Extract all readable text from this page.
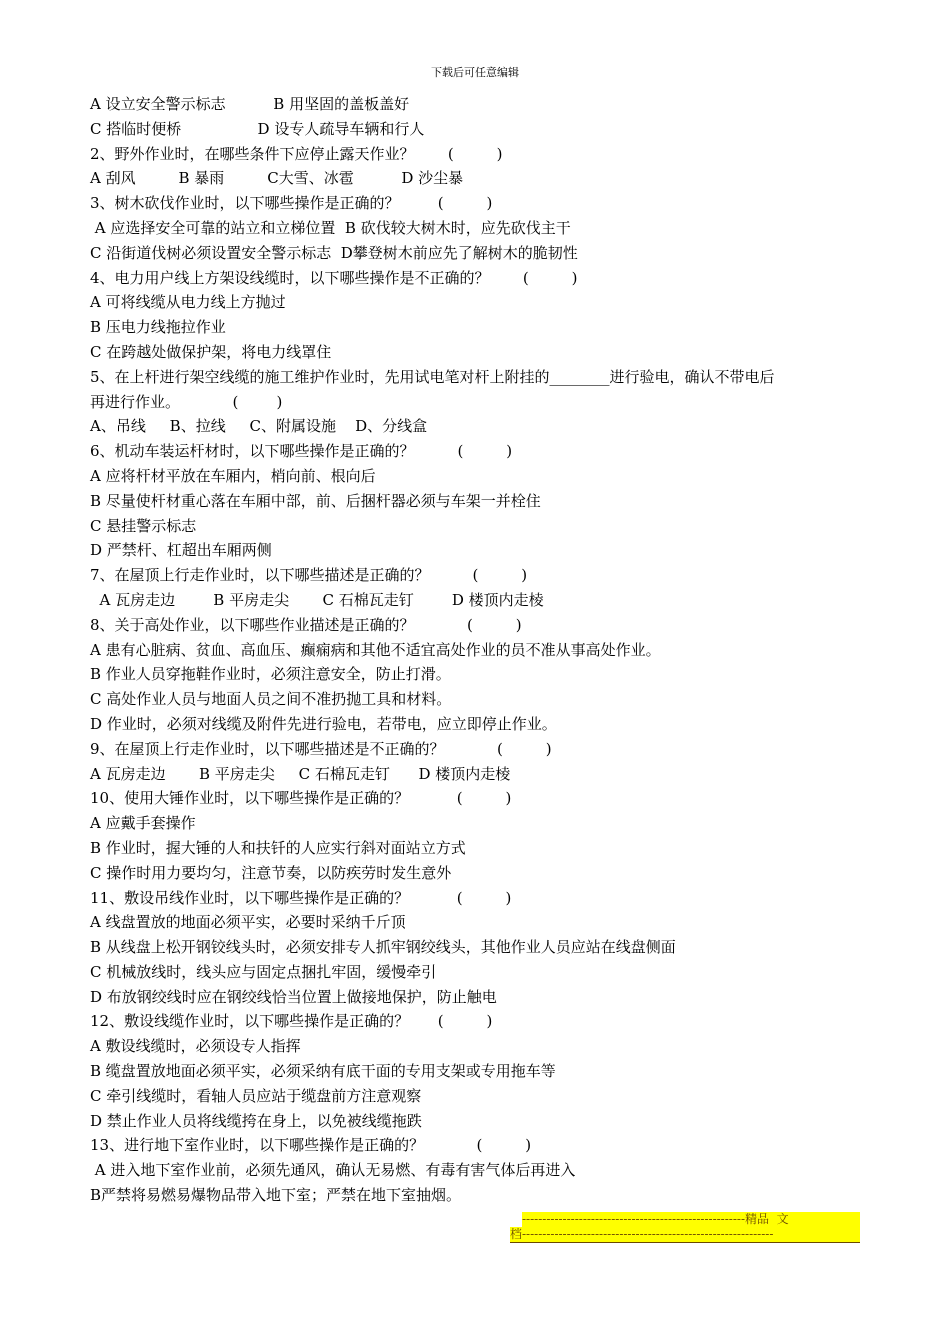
下载后可任意编辑

A 设立安全警示标志          B 用坚固的盖板盖好

C 搭临时便桥                D 设专人疏导车辆和行人

2、野外作业时，在哪些条件下应停止露天作业？       (         )

A 刮风         B 暴雨         C大雪、冰雹          D 沙尘暴

3、树木砍伐作业时，以下哪些操作是正确的？        (         )

A 应选择安全可靠的站立和立梯位置  B 砍伐较大树木时，应先砍伐主干

C 沿街道伐树必须设置安全警示标志  D攀登树木前应先了解树木的脆韧性

4、电力用户线上方架设线缆时，以下哪些操作是不正确的？       (         )

A 可将线缆从电力线上方抛过

B 压电力线拖拉作业

C 在跨越处做保护架，将电力线罩住

5、在上杆进行架空线缆的施工维护作业时，先用试电笔对杆上附挂的________进行验电，确认不带电后

再进行作业。           (        )

A、吊线     B、拉线     C、附属设施    D、分线盒

6、机动车装运杆材时，以下哪些操作是正确的？         (         )

A 应将杆材平放在车厢内，梢向前、根向后

B 尽量使杆材重心落在车厢中部，前、后捆杆器必须与车架一并栓住

C 悬挂警示标志

D 严禁杆、杠超出车厢两侧

7、在屋顶上行走作业时，以下哪些描述是正确的？         (         )

A 瓦房走边        B 平房走尖       C 石棉瓦走钉        D 楼顶内走棱

8、关于高处作业，以下哪些作业描述是正确的？           (         )

A 患有心脏病、贫血、高血压、癫痫病和其他不适宜高处作业的员不准从事高处作业。

B 作业人员穿拖鞋作业时，必须注意安全，防止打滑。

C 高处作业人员与地面人员之间不准扔抛工具和材料。

D 作业时，必须对线缆及附件先进行验电，若带电，应立即停止作业。

9、在屋顶上行走作业时，以下哪些描述是不正确的？           (         )

A 瓦房走边       B 平房走尖     C 石棉瓦走钉      D 楼顶内走棱

10、使用大锤作业时，以下哪些操作是正确的？          (         )

A 应戴手套操作

B 作业时，握大锤的人和扶钎的人应实行斜对面站立方式

C 操作时用力要均匀，注意节奏，以防疾劳时发生意外

11、敷设吊线作业时，以下哪些操作是正确的？          (         )

A 线盘置放的地面必须平实，必要时采纳千斤顶

B 从线盘上松开钢铰线头时，必须安排专人抓牢钢绞线头，其他作业人员应站在线盘侧面

C 机械放线时，线头应与固定点捆扎牢固，缓慢牵引

D 布放钢绞线时应在钢绞线恰当位置上做接地保护，防止触电

12、敷设线缆作业时，以下哪些操作是正确的？      (         )

A 敷设线缆时，必须设专人指挥

B 缆盘置放地面必须平实，必须采纳有底干面的专用支架或专用拖车等

C 牵引线缆时，看轴人员应站于缆盘前方注意观察

D 禁止作业人员将线缆挎在身上，以免被线缆拖跌

13、进行地下室作业时，以下哪些操作是正确的？           (         )

A 进入地下室作业前，必须先通风，确认无易燃、有毒有害气体后再进入

B严禁将易燃易爆物品带入地下室；严禁在地下室抽烟。

-------------------------------------------------------精品  文
档--------------------------------------------------------------
